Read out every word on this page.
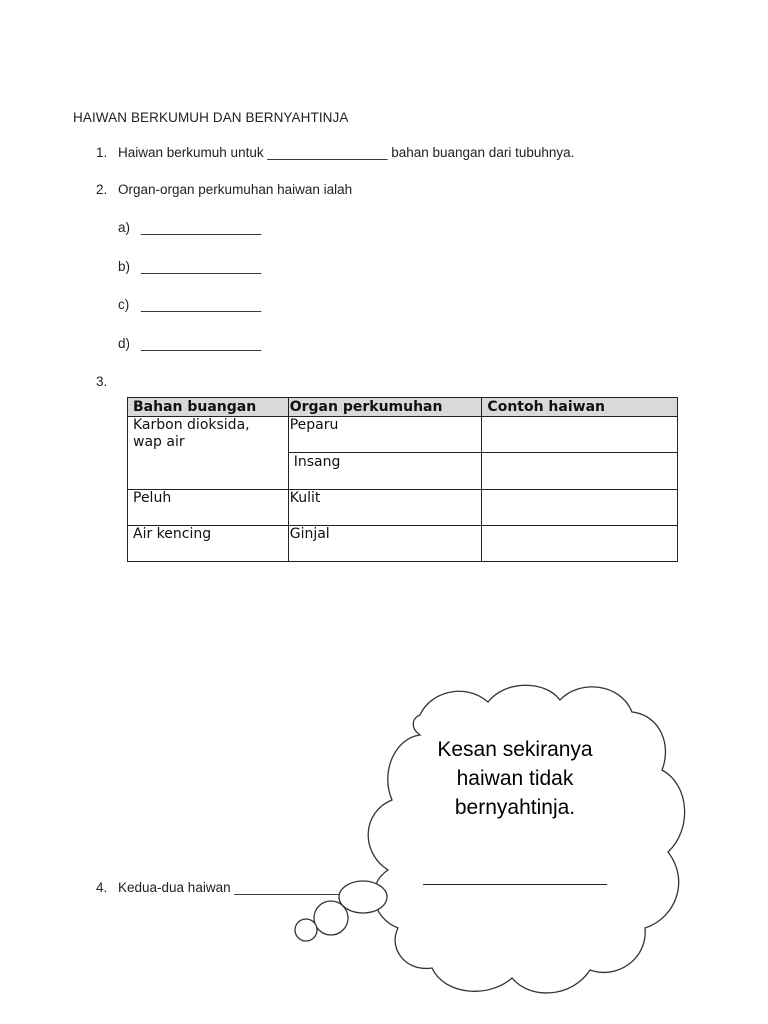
HAIWAN BERKUMUH DAN BERNYAHTINJA
1. Haiwan berkumuh untuk ________________ bahan buangan dari tubuhnya.
2. Organ-organ perkumuhan haiwan ialah
a) ________________
b) ________________
c) ________________
d) ________________
3.
Bahan buangan	Organ perkumuhan	Contoh haiwan
Karbon dioksida, wap air	Peparu	
	Insang	
Peluh	Kulit	
Air kencing	Ginjal	
4. Kedua-dua haiwan ______________
Kesan sekiranya
haiwan tidak
bernyahtinja.
